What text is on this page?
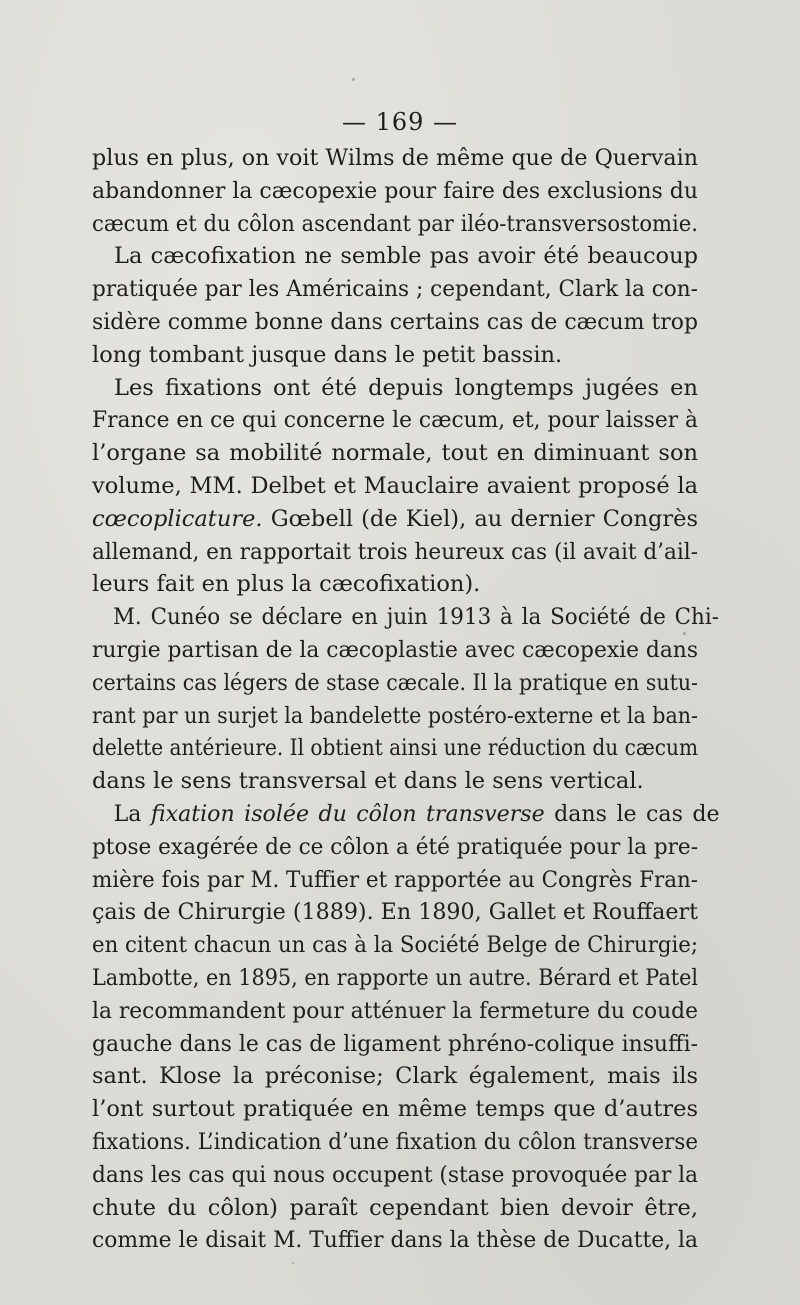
— 169 —
plus en plus, on voit Wilms de même que de Quervain
abandonner la cæcopexie pour faire des exclusions du
cæcum et du côlon ascendant par iléo-transversostomie.
La cæcofixation ne semble pas avoir été beaucoup
pratiquée par les Américains ; cependant, Clark la con-
sidère comme bonne dans certains cas de cæcum trop
long tombant jusque dans le petit bassin.
Les fixations ont été depuis longtemps jugées en
France en ce qui concerne le cæcum, et, pour laisser à
l’organe sa mobilité normale, tout en diminuant son
volume, MM. Delbet et Mauclaire avaient proposé la
cœcoplicature. Gœbell (de Kiel), au dernier Congrès
allemand, en rapportait trois heureux cas (il avait d’ail-
leurs fait en plus la cæcofixation).
M. Cunéo se déclare en juin 1913 à la Société de Chi-
rurgie partisan de la cæcoplastie avec cæcopexie dans
certains cas légers de stase cæcale. Il la pratique en sutu-
rant par un surjet la bandelette postéro-externe et la ban-
delette antérieure. Il obtient ainsi une réduction du cæcum
dans le sens transversal et dans le sens vertical.
La fixation isolée du côlon transverse dans le cas de
ptose exagérée de ce côlon a été pratiquée pour la pre-
mière fois par M. Tuffier et rapportée au Congrès Fran-
çais de Chirurgie (1889). En 1890, Gallet et Rouffaert
en citent chacun un cas à la Société Belge de Chirurgie;
Lambotte, en 1895, en rapporte un autre. Bérard et Patel
la recommandent pour atténuer la fermeture du coude
gauche dans le cas de ligament phréno-colique insuffi-
sant. Klose la préconise; Clark également, mais ils
l’ont surtout pratiquée en même temps que d’autres
fixations. L’indication d’une fixation du côlon transverse
dans les cas qui nous occupent (stase provoquée par la
chute du côlon) paraît cependant bien devoir être,
comme le disait M. Tuffier dans la thèse de Ducatte, la
